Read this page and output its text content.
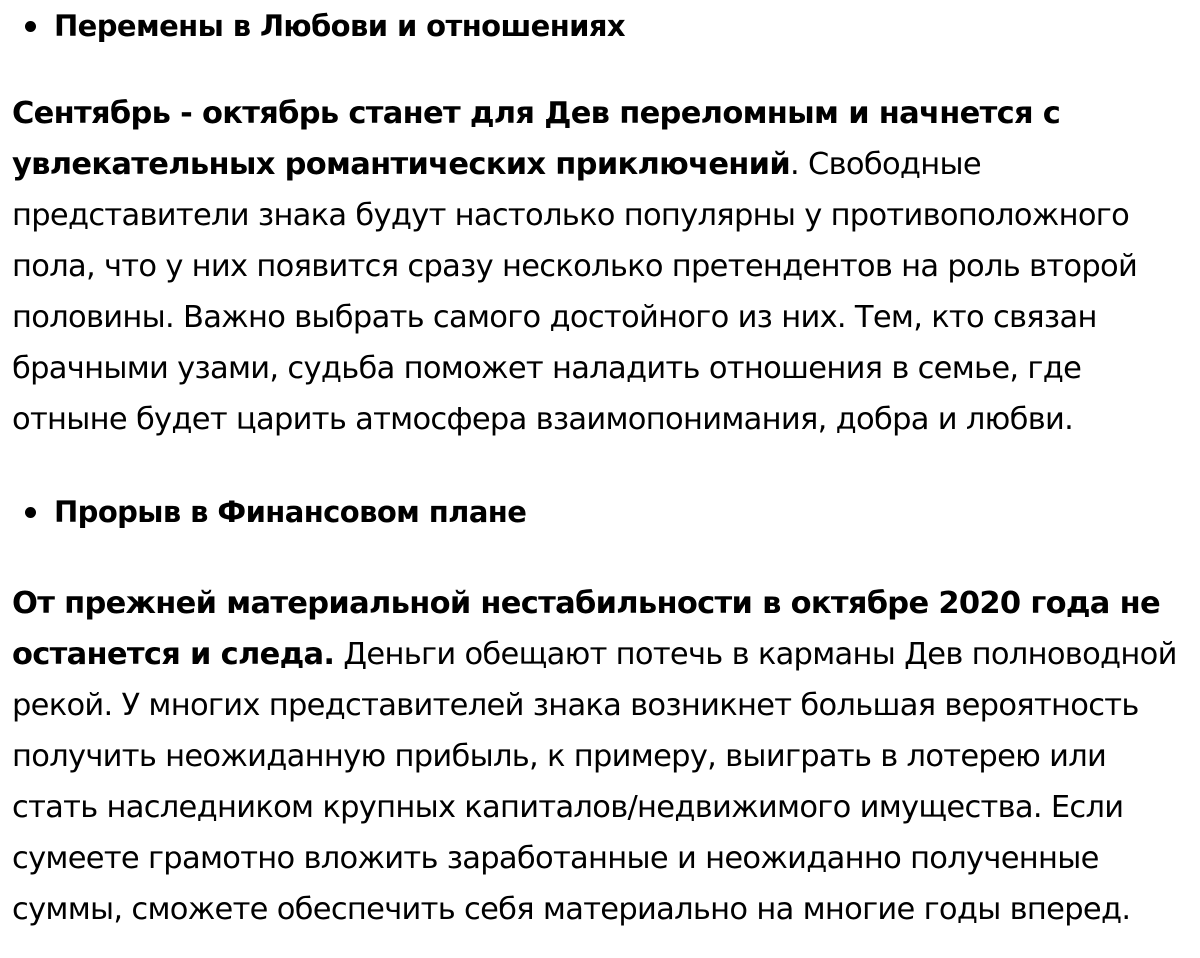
Перемены в Любови и отношениях

Сентябрь - октябрь станет для Дев переломным и начнется с увлекательных романтических приключений. Свободные представители знака будут настолько популярны у противоположного пола, что у них появится сразу несколько претендентов на роль второй половины. Важно выбрать самого достойного из них. Тем, кто связан брачными узами, судьба поможет наладить отношения в семье, где отныне будет царить атмосфера взаимопонимания, добра и любви.

Прорыв в Финансовом плане

От прежней материальной нестабильности в октябре 2020 года не останется и следа. Деньги обещают потечь в карманы Дев полноводной рекой. У многих представителей знака возникнет большая вероятность получить неожиданную прибыль, к примеру, выиграть в лотерею или стать наследником крупных капиталов/недвижимого имущества. Если сумеете грамотно вложить заработанные и неожиданно полученные суммы, сможете обеспечить себя материально на многие годы вперед.
